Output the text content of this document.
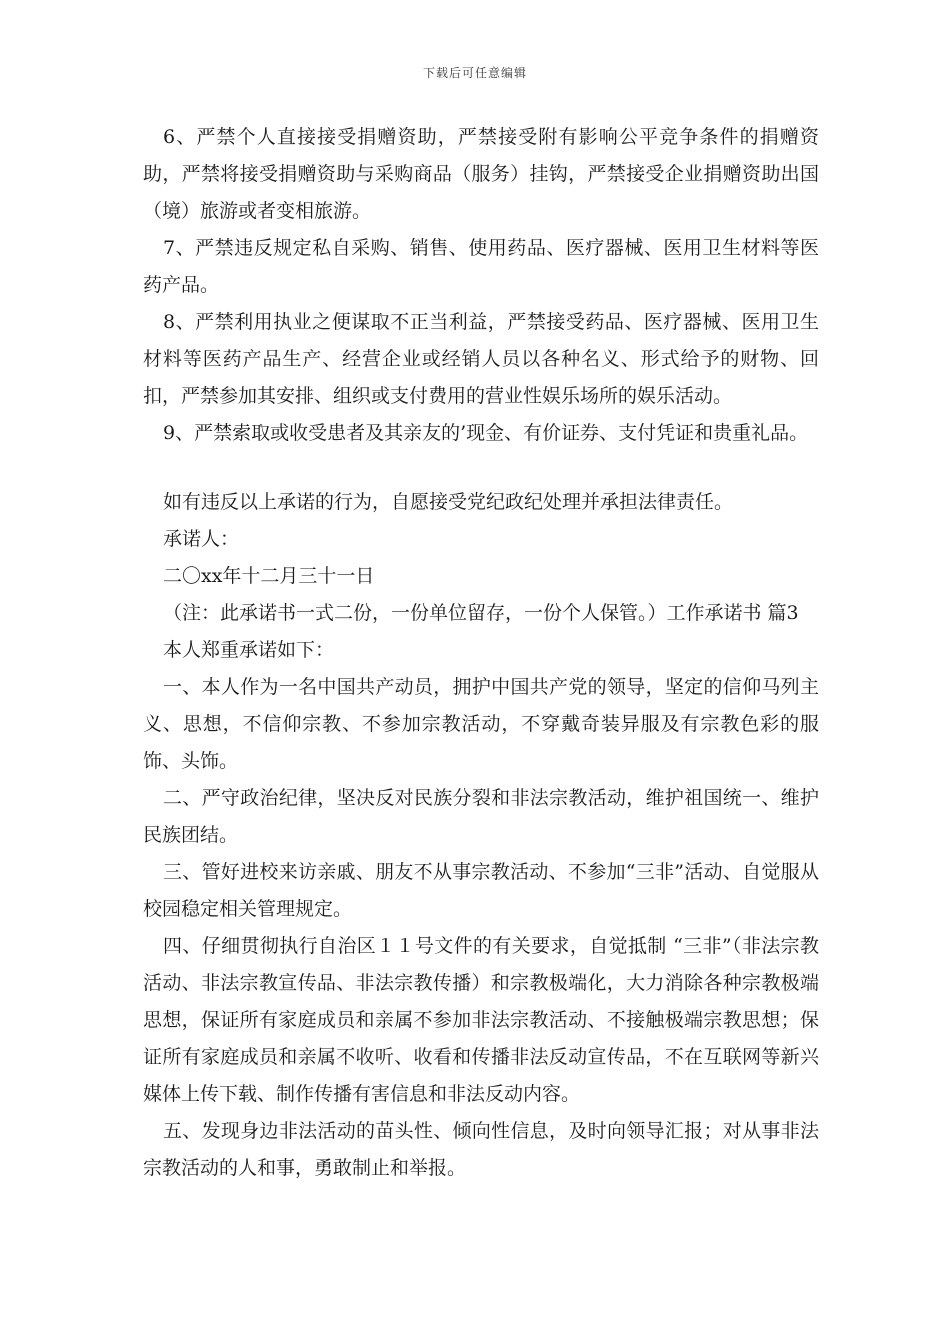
下载后可任意编辑

6、严禁个人直接接受捐赠资助，严禁接受附有影响公平竞争条件的捐赠资助，严禁将接受捐赠资助与采购商品（服务）挂钩，严禁接受企业捐赠资助出国（境）旅游或者变相旅游。

7、严禁违反规定私自采购、销售、使用药品、医疗器械、医用卫生材料等医药产品。

8、严禁利用执业之便谋取不正当利益，严禁接受药品、医疗器械、医用卫生材料等医药产品生产、经营企业或经销人员以各种名义、形式给予的财物、回扣，严禁参加其安排、组织或支付费用的营业性娱乐场所的娱乐活动。

9、严禁索取或收受患者及其亲友的’现金、有价证券、支付凭证和贵重礼品。

如有违反以上承诺的行为，自愿接受党纪政纪处理并承担法律责任。

承诺人：

二〇xx年十二月三十一日

（注：此承诺书一式二份，一份单位留存，一份个人保管。）工作承诺书 篇3

本人郑重承诺如下：

一、本人作为一名中国共产动员，拥护中国共产党的领导，坚定的信仰马列主义、思想，不信仰宗教、不参加宗教活动，不穿戴奇装异服及有宗教色彩的服饰、头饰。

二、严守政治纪律，坚决反对民族分裂和非法宗教活动，维护祖国统一、维护民族团结。

三、管好进校来访亲戚、朋友不从事宗教活动、不参加“三非”活动、自觉服从校园稳定相关管理规定。

四、仔细贯彻执行自治区１１号文件的有关要求，自觉抵制 “三非”（非法宗教活动、非法宗教宣传品、非法宗教传播）和宗教极端化，大力消除各种宗教极端思想，保证所有家庭成员和亲属不参加非法宗教活动、不接触极端宗教思想；保证所有家庭成员和亲属不收听、收看和传播非法反动宣传品，不在互联网等新兴媒体上传下载、制作传播有害信息和非法反动内容。

五、发现身边非法活动的苗头性、倾向性信息，及时向领导汇报；对从事非法宗教活动的人和事，勇敢制止和举报。
